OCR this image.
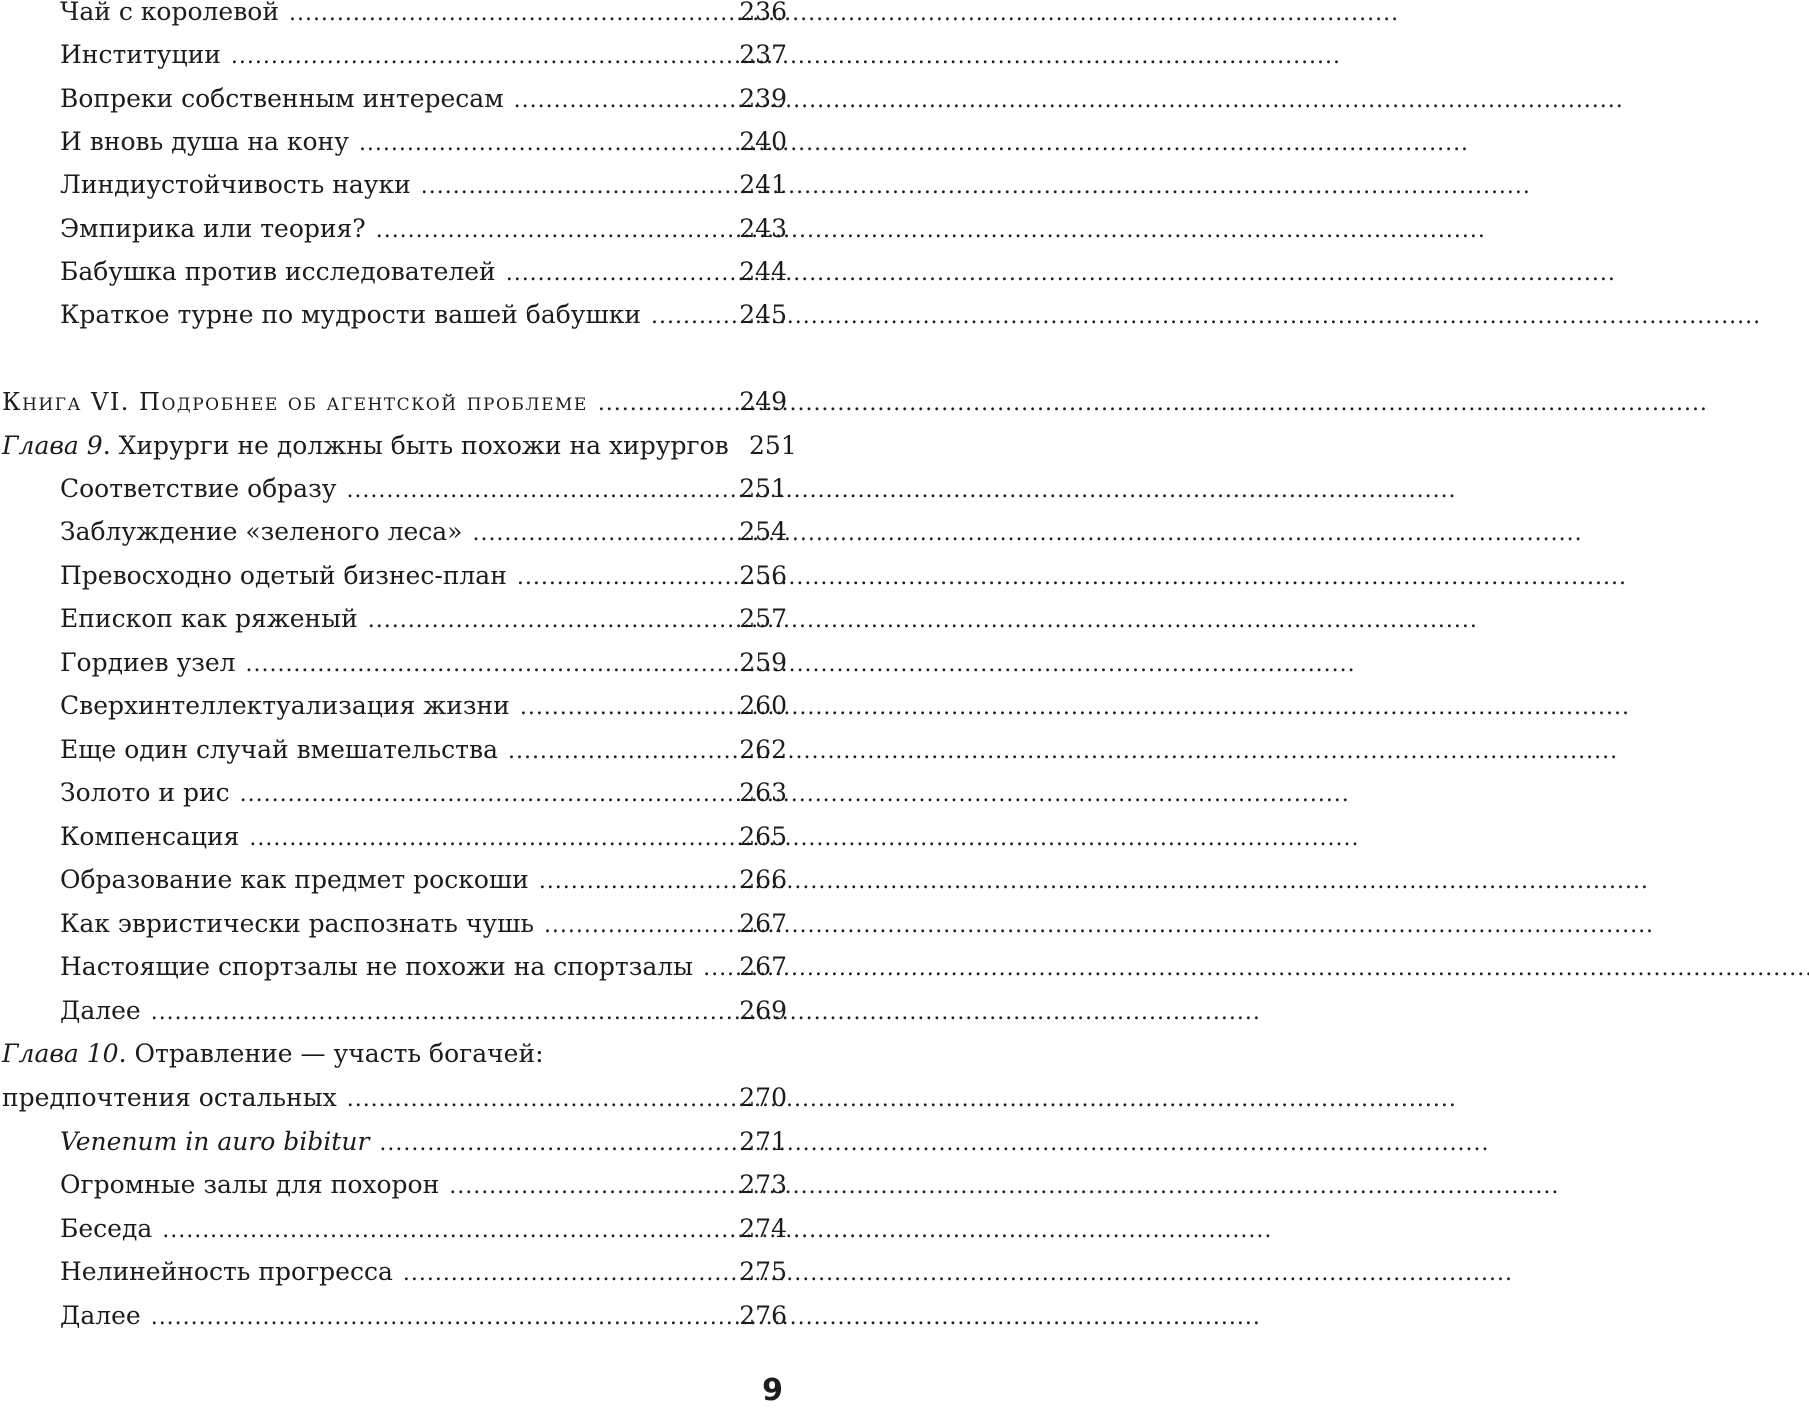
Чай с королевой . . .	236
Институции . . .	237
Вопреки собственным интересам . . .	239
И вновь душа на кону . . .	240
Линдиустойчивость науки . . .	241
Эмпирика или теория? . . .	243
Бабушка против исследователей . . .	244
Краткое турне по мудрости вашей бабушки . . .	245
Книга VI. Подробнее об агентской проблеме . . .	249
Глава 9. Хирурги не должны быть похожи на хирургов 251
Соответствие образу . . .	251
Заблуждение «зеленого леса» . . .	254
Превосходно одетый бизнес-план . . .	256
Епископ как ряженый . . .	257
Гордиев узел . . .	259
Сверхинтеллектуализация жизни . . .	260
Еще один случай вмешательства . . .	262
Золото и рис . . .	263
Компенсация . . .	265
Образование как предмет роскоши . . .	266
Как эвристически распознать чушь . . .	267
Настоящие спортзалы не похожи на спортзалы . . .	267
Далее . . .	269
Глава 10. Отравление — участь богачей:
предпочтения остальных . . .	270
Venenum in auro bibitur . . .	271
Огромные залы для похорон . . .	273
Беседа . . .	274
Нелинейность прогресса . . .	275
Далее . . .	276
9
